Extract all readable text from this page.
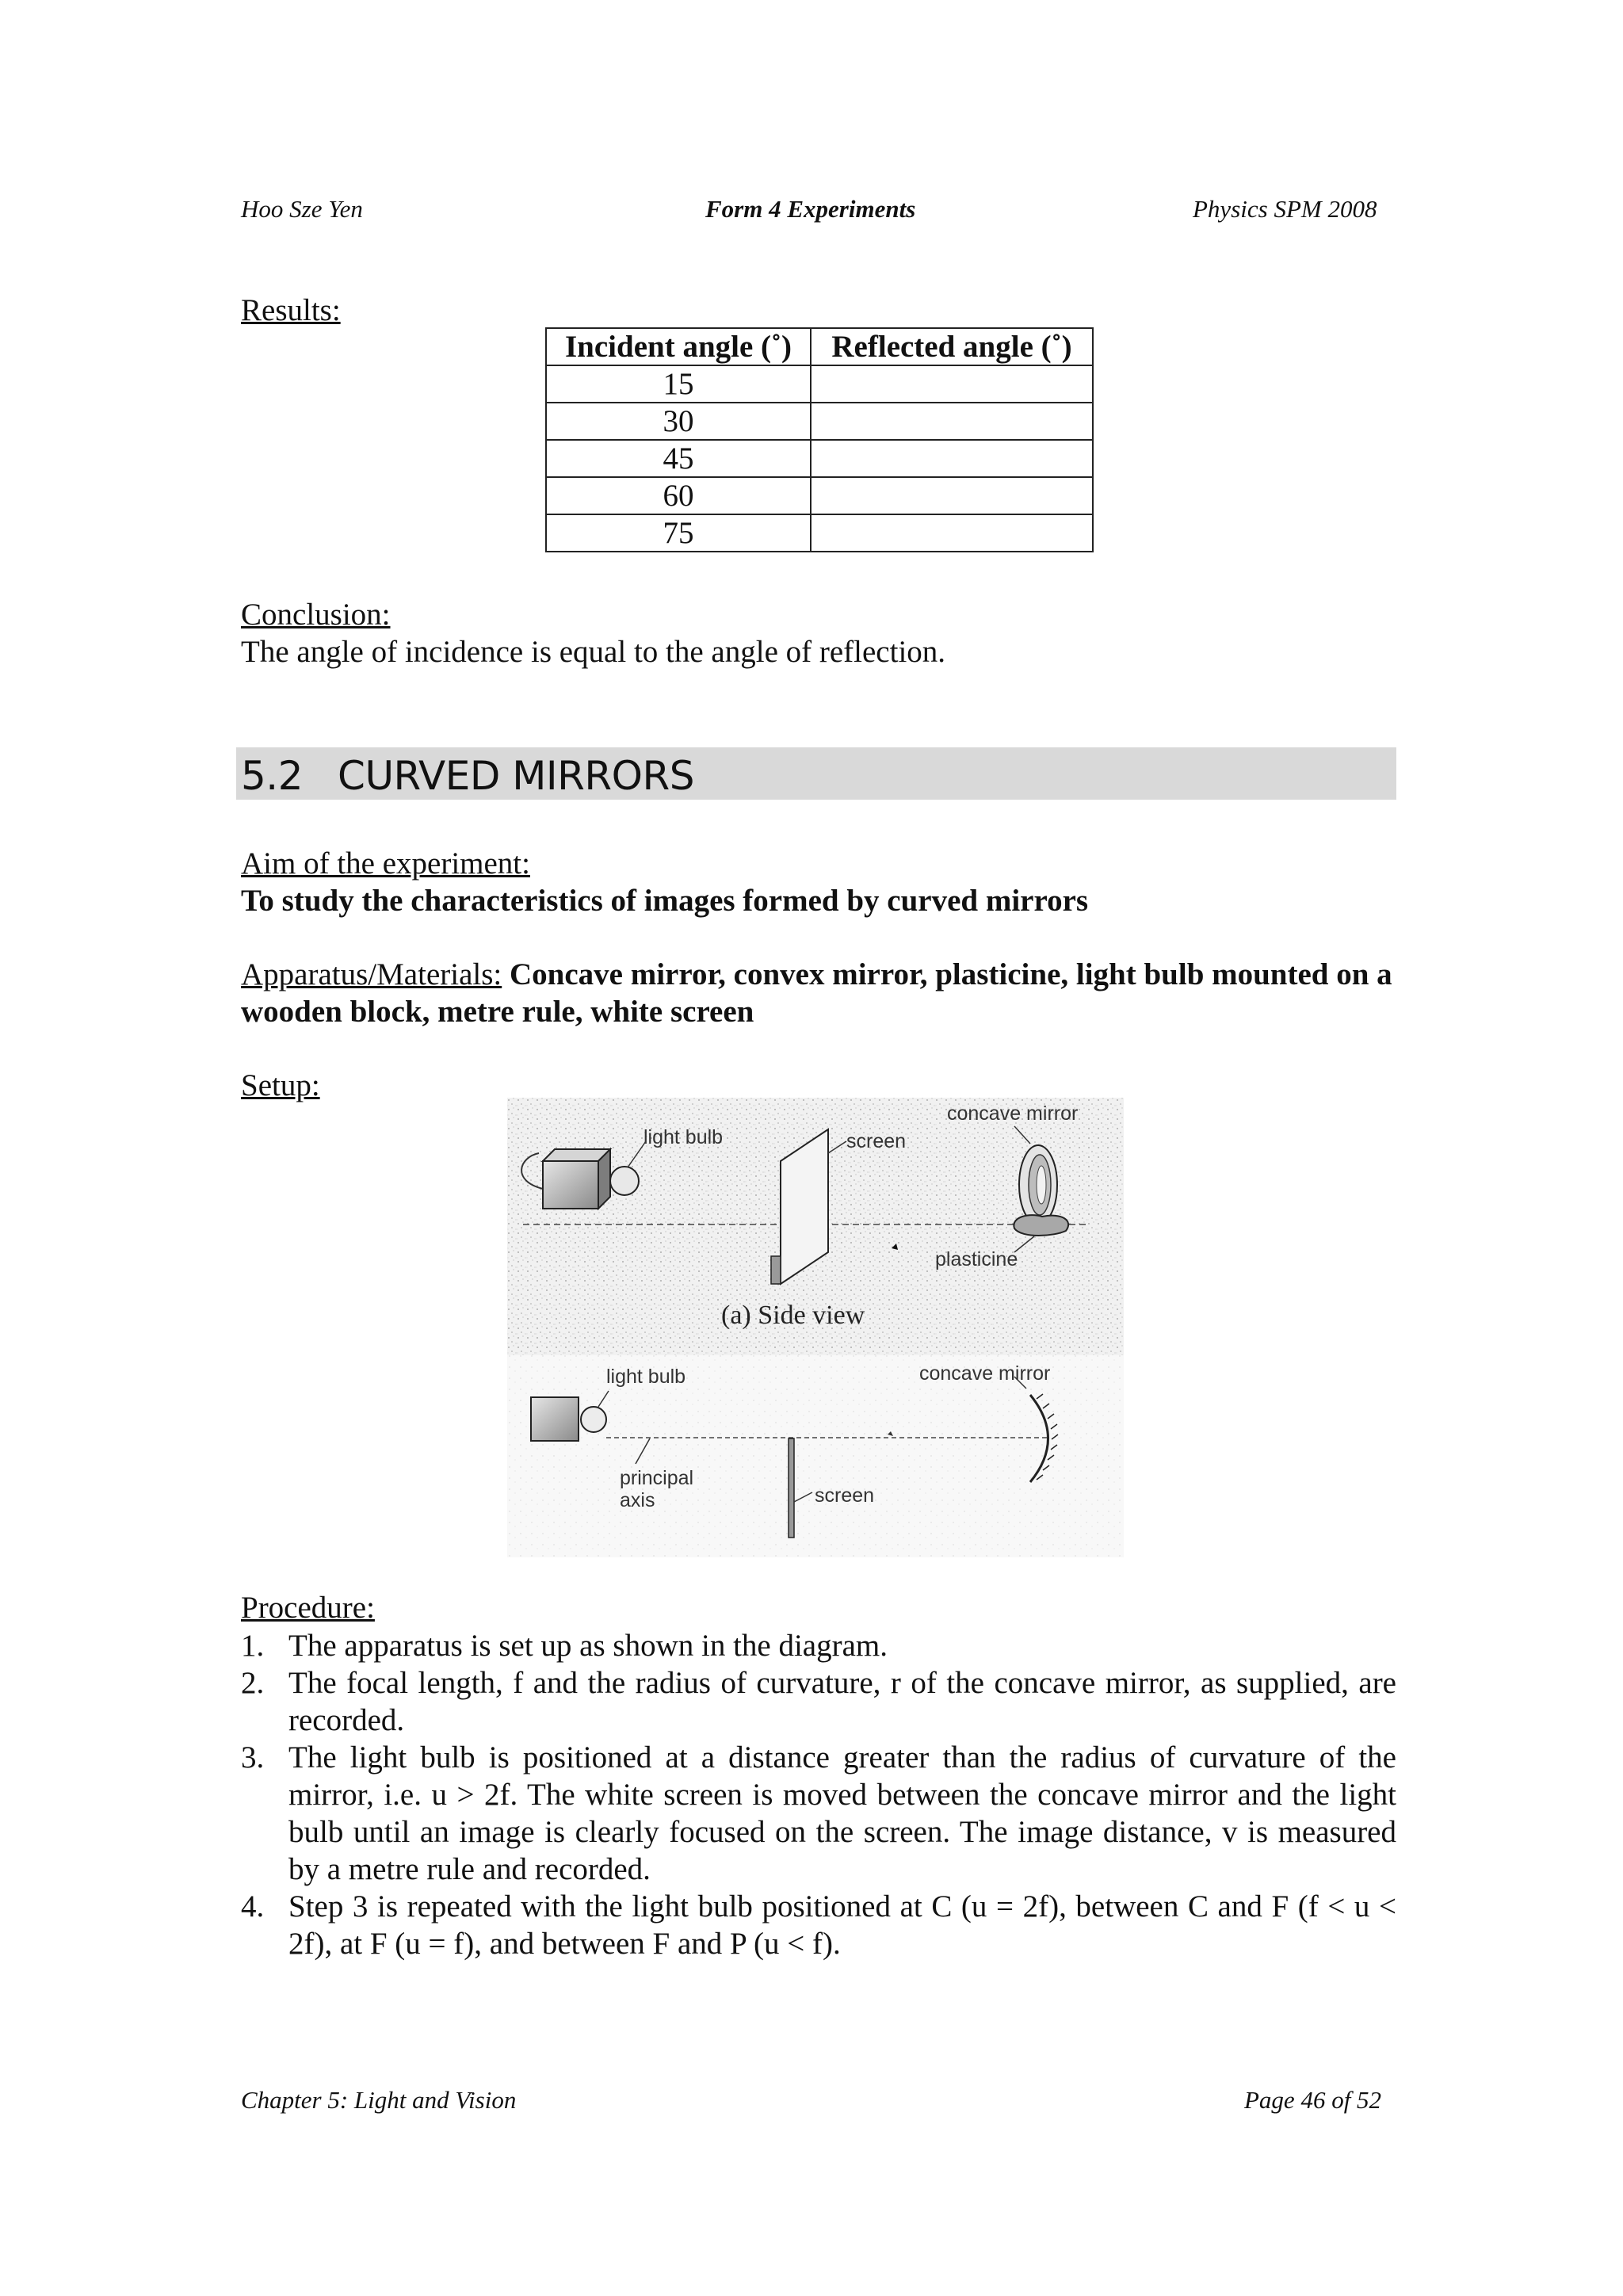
Hoo Sze Yen	Form 4 Experiments	Physics SPM 2008
Results:
Incident angle (˚)	Reflected angle (˚)
15	
30	
45	
60	
75	
Conclusion:
The angle of incidence is equal to the angle of reflection.
5.2 CURVED MIRRORS
Aim of the experiment:
To study the characteristics of images formed by curved mirrors
Apparatus/Materials: Concave mirror, convex mirror, plasticine, light bulb mounted on a wooden block, metre rule, white screen
Setup:
light bulb	screen
concave mirror
plasticine
(a) Side view
light bulb
principal
axis	screen
concave mirror
Procedure:
1. The apparatus is set up as shown in the diagram.
2. The focal length, f and the radius of curvature, r of the concave mirror, as supplied, are recorded.
3. The light bulb is positioned at a distance greater than the radius of curvature of the mirror, i.e. u > 2f. The white screen is moved between the concave mirror and the light bulb until an image is clearly focused on the screen. The image distance, v is measured by a metre rule and recorded.
4. Step 3 is repeated with the light bulb positioned at C (u = 2f), between C and F (f < u < 2f), at F (u = f), and between F and P (u < f).
Chapter 5: Light and Vision	Page 46 of 52
